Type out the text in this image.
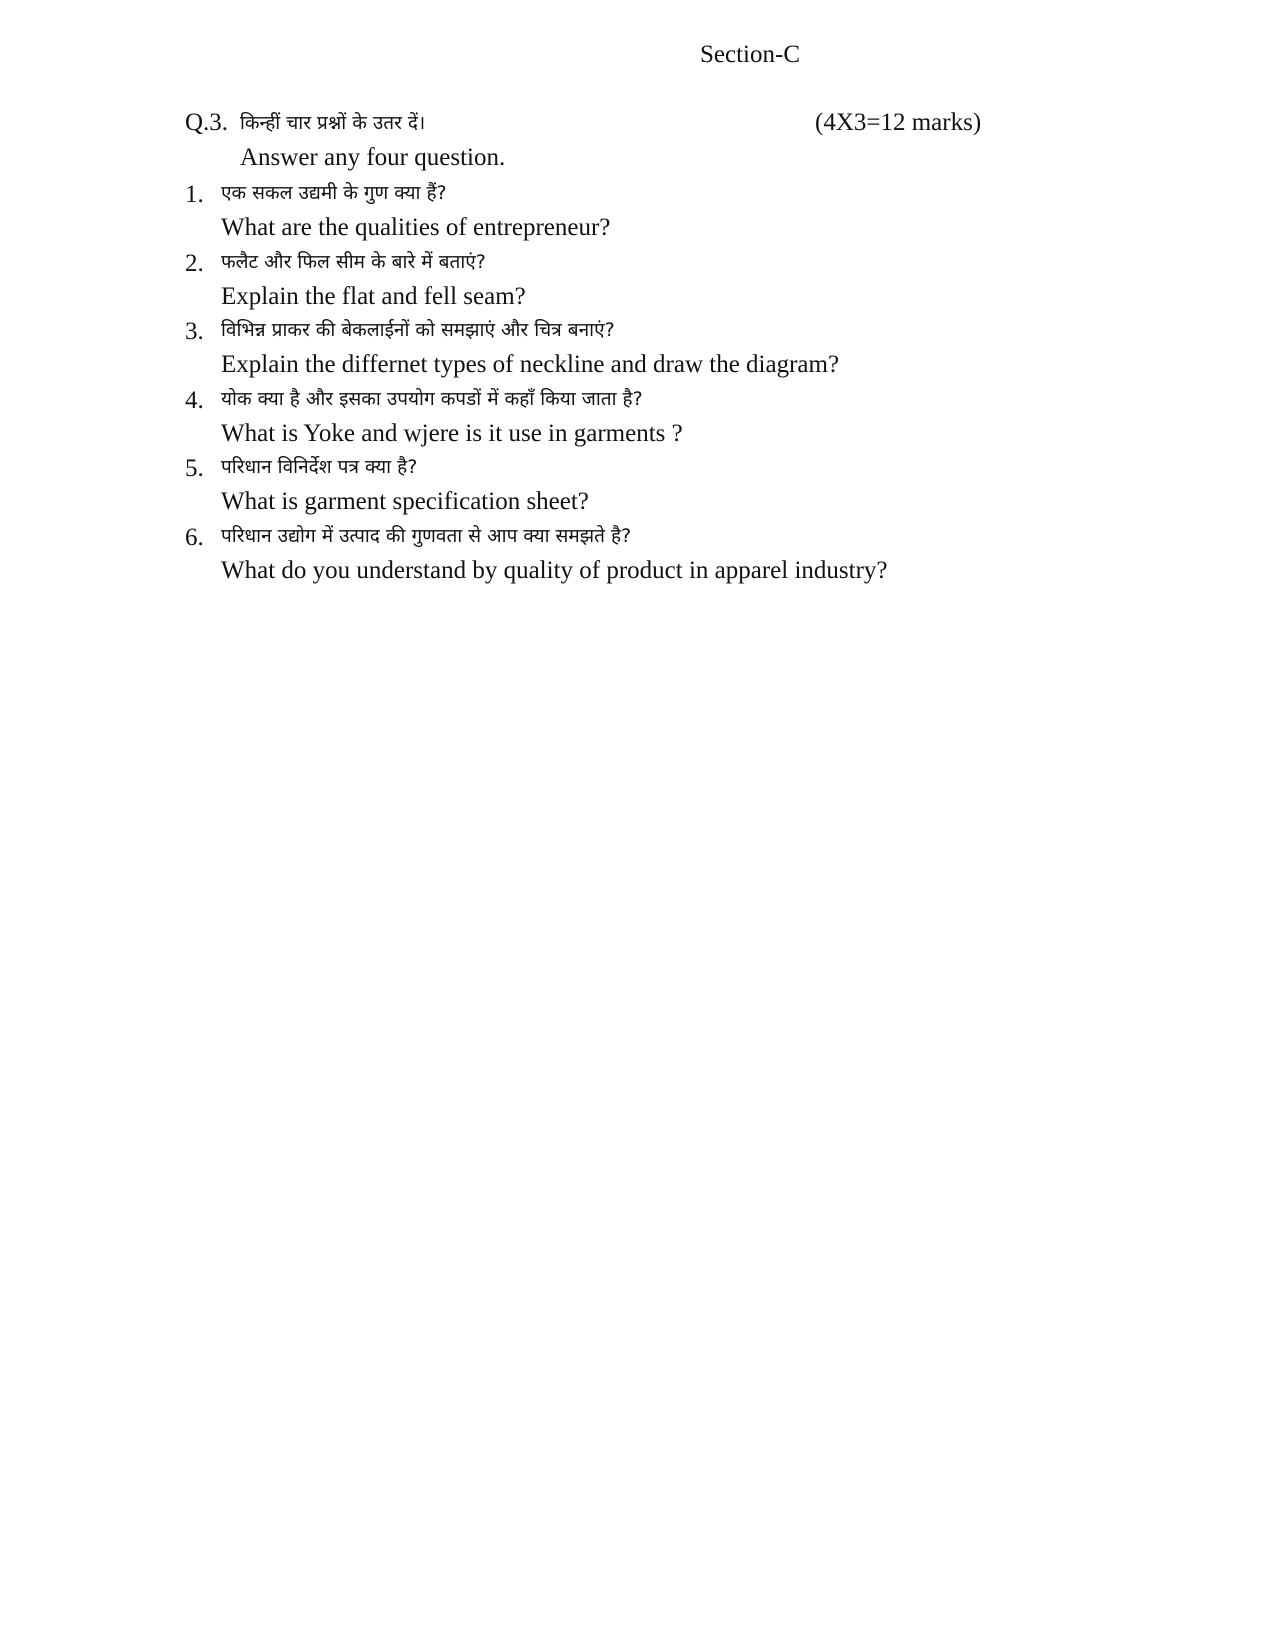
Section-C
Q.3. किन्हीं चार प्रश्नों के उतर दें।	(4X3=12 marks)
Answer any four question.
1. एक सकल उद्यमी के गुण क्या हैं?
What are the qualities of entrepreneur?
2. फलैट और फिल सीम के बारे में बताएं?
Explain the flat and fell seam?
3. विभिन्न प्राकर की बेकलाईनों को समझाएं और चित्र बनाएं?
Explain the differnet types of neckline and draw the diagram?
4. योक क्या है और इसका उपयोग कपडों में कहाँ किया जाता है?
What is Yoke and wjere is it use in garments ?
5. परिधान विनिर्देश पत्र क्या है?
What is garment specification sheet?
6. परिधान उद्योग में उत्पाद की गुणवता से आप क्या समझते है?
What do you understand by quality of product in apparel industry?
